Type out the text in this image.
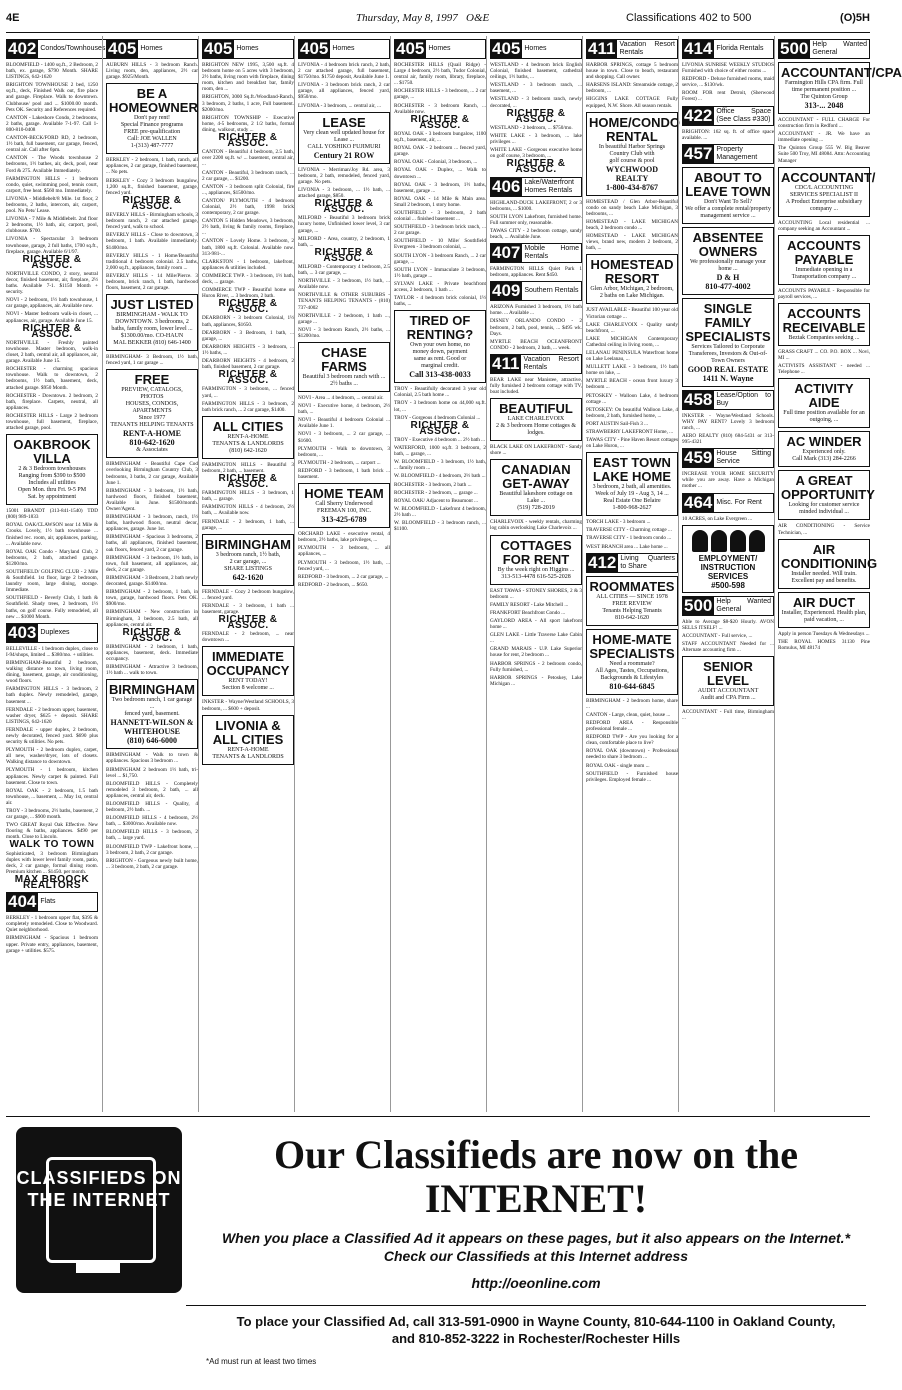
4E	Thursday, May 8, 1997 O&E	Classifications 402 to 500	(O)5H
402 Condos/Townhouses

BLOOMFIELD - 1400 sq.ft., 2 Bedroom, 2 bath, ex. garage, $790 Month. SHARE LISTINGS, 642-1620

BRIGHTON TOWNHOUSE 2 bed, 1250 sq.ft., deck, Finished Walk out, fire place and garage. Fireplace. Walk to downtown. Clubhouse/ pool and ... $1000.00 month. Pets OK. Security and References required.

CANTON - Lakeshore Condo, 2 bedrooms, 2 baths, garage. Available 7-1-97. Call 1-800-810-0408

CANTON-BECK/FORD RD, 2 bedroom, 1½ bath, full basement, car garage, fenced, central air. Call after 6pm.

CANTON - The Woods townhouse 2 bedrooms, 1½ bathes, air, deck, pool, near Ford & 275. Available Immediately.

FARMINGTON HILLS - 1 bedroom condo, quiet, swimming pool, tennis court, carport, free heat. $560 mo. Immediately.

LIVONIA - Middlebelt/8 Mile. 1st floor, 2 bedrooms, 2 baths, intercom, air, carport, pool. No Pets/ Lease.

LIVONIA - 7 Mile & Middlebelt. 2nd floor 2 bedrooms, 1½ bath, air, carport, pool, clubhouse. $700.

LIVONIA - Spectacular 3 bedroom townhouse, garage, 2 full baths, 1700 sq.ft., fireplace, garage. Available 6/1/97.

RICHTER & ASSOC.

NORTHVILLE CONDO, 2 story, neutral decor, finished basement, air, fireplace, 2½ baths. Available 7-1. $1150 Month + security.

NOVI - 2 bedroom, 1½ bath townhouse, 1 car garage, appliances, air. Available now.

NOVI - Master bedroom walk-in closet, ... appliances, air, garage. Available June 15.

RICHTER & ASSOC.

NORTHVILLE - Freshly painted townhouse. Master bedroom, walk-in closet, 2 bath, central air, all appliances, air, garage. Available June 15.

ROCHESTER - charming spacious townhouse. Walk to downtown, 2 bedrooms, 1½ bath, basement, deck, attached garage. $950 Month.

ROCHESTER - Downtown. 2 bedroom, 2 bath, fireplace. Carpets, neutral, all appliances.

ROCHESTER HILLS - Large 2 bedroom townhouse, full basement, fireplace, attached garage, pool.

OAKBROOK VILLA
2 & 3 Bedroom townhouses
Ranging from $390 to $500
Includes all utilities
Open Mon. thru Fri. 9-5 PM
Sat. by appointment

15001 BRANDT (313-841-1540) TDD (800) 989-1833

ROYAL OAK/CLAWSON near 14 Mile & Crooks. Lovely, 1½ bath townhouse ... finished rec. room, air, appliances, parking, ... Available now.

ROYAL OAK Condo - Maryland Club, 2 bedrooms, 2 bath, attached garage. $1200/mo.

SOUTHFIELD/ GOLFING CLUB - 2 Mile & Southfield. 1st floor, large 2 bedroom, laundry room, large dining, storage. Immediate.

SOUTHFIELD - Beverly Club, 1 bath & Southfield. Shady trees, 2 bedroom, 1½ baths, on golf course. Fully remodeled, all new ... $1000 Month.

403 Duplexes

BELLEVILLE - 1 bedroom duplex, close to I-94/shops, limited ... $380/mo. + utilities.

BIRMINGHAM-Beautiful 2 bedroom, walking distance to town, living room, dining, basement, garage, air conditioning, wood floors.

FARMINGTON HILLS - 3 bedroom, 2 bath duplex. Newly remodeled, garage, basement ...

FERNDALE - 2 bedroom upper, basement, washer dryer, $625 + deposit. SHARE LISTINGS, 642-1620

FERNDALE - upper duplex, 2 bedroom, newly decorated, fenced yard. $690 plus security & utilities. No pets.

PLYMOUTH - 2 bedroom duplex, carpet, all new, washer/dryer, lots of closets. Walking distance to downtown.

PLYMOUTH - 1 bedroom, kitchen appliances. Newly carpet & painted. Full basement. Close to town.

ROYAL OAK - 2 bedroom, 1.5 bath townhouse, ... basement, ... May 1st, central air.

TROY - 3 bedrooms, 2½ baths, basement, 2 car garage, ... $900 month.

TWO GREAT Royal Oak Effective. New flooring & baths, appliances. $490 per month. Close to Lincoln.

WALK TO TOWN

Sophisticated, 3 bedroom Birmingham duplex with lower level family room, patio, deck, 2 car garage, formal dining room. Premium kitchen ... $1450. per month.

MAX BROOCK REALTORS
404 Flats

BERKLEY - 1 bedroom upper flat, $395 & completely remodeled. Close to Woodward. Quiet neighborhood.

BIRMINGHAM - Spacious 1 bedroom upper. Private entry, appliances, basement, garage + utilities. $575.

405 Homes

AUBURN HILLS - 3 bedroom Ranch. Living room, den, appliances, 2½ car garage. $925/Month.

BE A HOMEOWNER
Don't pay rent!
Special Finance programs
FREE pre-qualification
Call: JOE WALLEN
1-(313) 487-7777

BERKLEY - 2 bedroom, 1 bath, ranch, all appliances, 2 car garage, finished basement, ... No pets.

BERKLEY - Cozy 3 bedroom bungalow, 1,200 sq.ft., finished basement, garage, fenced yard.

RICHTER & ASSOC.

BEVERLY HILLS - Birmingham schools, 3 bedroom ranch, 2 car attached garage, fenced yard, walk to school.

BEVERLY HILLS - Close to downtown, 3 bedroom, 1 bath. Available immediately. $1400/mo.

BEVERLY HILLS - 1 Home/Beautiful traditional 4 bedroom colonial. 2.5 baths, 2,000 sq.ft., appliances, family room ...

BEVERLY HILLS - 14 Mile/Pierce. 3 bedroom, brick ranch, 1 bath, hardwood floors, basement, 2 car garage.

JUST LISTED
BIRMINGHAM - WALK TO DOWNTOWN. 3 bedrooms, 2 baths, family room, lower level ...
$1300.00/mo. CO-HAUN
MAL BEKKER (810) 646-1400

BIRMINGHAM- 3 Bedroom, 1½ bath, fenced yard, 1 car garage ...

FREE
PREVIEW, CATALOGS, PHOTOS
HOUSES, CONDOS, APARTMENTS
Since 1977
TENANTS HELPING TENANTS
RENT-A-HOME
810-642-1620
& Associates

BIRMINGHAM - Beautiful Cape Cod overlooking Birmingham Country Club, 3 bedrooms, 3 baths, 2 car garage, Available June 1.

BIRMINGHAM - 3 bedroom, 1½ bath, hardwood floors, finished basement, Available in June. $1500/month. Owner/Agent.

BIRMINGHAM - 3 bedroom, ranch, 1½ baths, hardwood floors, neutral decor, appliances, garage. June 1st.

BIRMINGHAM - Spacious 3 bedrooms, 2 baths, all appliances, finished basement, oak floors, fenced yard, 2 car garage.

BIRMINGHAM - 3 bedroom, 1½ bath, in town, full basement, all appliances, air, deck, 2 car garage.

BIRMINGHAM - 3 Bedroom, 2 bath newly decorated, garage. $1400/mo.

BIRMINGHAM - 2 bedroom, 1 bath, in town, garage, hardwood floors. Pets OK. $900/mo.

BIRMINGHAM - New construction in Birmingham, 3 bedroom, 2.5 bath, all appliances, central air.

RICHTER & ASSOC.

BIRMINGHAM - 2 bedroom, 1 bath, appliances, basement, deck. Immediate occupancy.

BIRMINGHAM - Attractive 3 bedroom, 1½ bath ... walk to town.

BIRMINGHAM
Two bedroom ranch, 1 car garage ...
fenced yard, basement.
HANNETT-WILSON & WHITEHOUSE
(810) 646-6000

BIRMINGHAM - Walk to town & appliances. Spacious 3 bedroom ...

BIRMINGHAM 2 bedroom 1½ bath, tri-level ... $1,750.

BLOOMFIELD HILLS - Completely remodeled 3 bedroom, 2 bath, ... all appliances, central air, deck.

BLOOMFIELD HILLS - Quality, 4 bedroom, 2½ bath. ...

BLOOMFIELD HILLS - 4 bedroom, 2½ bath, ... $3000/mo. Available now.

BLOOMFIELD HILLS - 3 bedroom, 2 bath, ... large yard.

BLOOMFIELD TWP - Lakefront home, ... 3 bedroom, 2 bath, 2 car garage.

BRIGHTON - Gorgeous newly built home, ... 3 bedroom, 2 bath, 2 car garage.

405 Homes

BRIGHTON NEW 1995, 3,500 sq.ft. 4 bedroom home on 5 acres with 3 bedroom, 2½ baths, living room with fireplace, dining room, kitchen and breakfast bar, family room, den ...

BRIGHTON, 3000 Sq.ft./Woodland-Ranch, 3 bedroom, 2 baths, 1 acre, Full basement. $2000/mo.

BRIGHTON TOWNSHIP - Executive home, 4-5 bedrooms, 2 1/2 baths, formal dining, walkout, study ...

RICHTER & ASSOC.

CANTON - Beautiful 4 bedroom, 2.5 bath, over 2200 sq.ft. w/ ... basement, central air, ...

CANTON - Beautiful, 3 bedroom ranch, ... 2 car garage, ... $1200.

CANTON - 3 bedroom split Colonial, fire ..., appliances, $1500/mo.

CANTON/ PLYMOUTH - 4 bedroom Colonial, 2½ bath, 1998 brick contemporary, 2 car garage.

CANTON 5 Hidden Meadows, 3 bedroom, 2½ bath, living & family rooms, fireplace, ...

CANTON - Lovely Home. 3 bedroom, 2 bath, 1800 sq.ft. Colonial. Available now. 313-981-...

CLARKSTON - 1 bedroom, lakefront, appliances & utilities included.

COMMERCE TWP. - 3 bedroom, 1½ bath, deck, ... garage.

COMMERCE TWP - Beautiful home on Huron River, ... 3 bedroom, 2 bath.

RICHTER & ASSOC.

DEARBORN - 3 bedroom Colonial, 1½ bath, appliances, $1650.

DEARBORN - 3 Bedroom, 1 bath, ... garage, ...

DEARBORN HEIGHTS - 3 bedroom, ... 1½ baths, ...

DEARBORN HEIGHTS - 4 bedroom, 2 bath, finished basement, 2 car garage.

RICHTER & ASSOC.

FARMINGTON - 3 bedroom, ... fenced yard, ...

FARMINGTON HILLS - 3 bedroom, 2 bath brick ranch, ... 2 car garage, $1400.

ALL CITIES
RENT-A-HOME
TENANTS & LANDLORDS
(810) 642-1620

FARMINGTON HILLS - Beautiful 3 bedroom, 2 bath, ... basement.

RICHTER & ASSOC.

FARMINGTON HILLS - 3 bedroom, 1 bath, ... garage.

FARMINGTON HILLS - 4 bedroom, 2½ bath, ... Available now.

FERNDALE - 2 bedroom, 1 bath, ... garage, ...

BIRMINGHAM
3 bedroom ranch, 1½ bath,
2 car garage, ...
SHARE LISTINGS
642-1620

FERNDALE - Cozy 2 bedroom bungalow, ... fenced yard.

FERNDALE - 3 bedroom, 1 bath ... basement, garage.

RICHTER & ASSOC.

FERNDALE - 2 bedroom, ... near downtown ...

IMMEDIATE OCCUPANCY
RENT TODAY!
Section 8 welcome ...

INKSTER - Wayne/Westland SCHOOLS, 3 bedroom, ... $600 + deposit.

LIVONIA & ALL CITIES
RENT-A-HOME
TENANTS & LANDLORDS
405 Homes

LIVONIA - 4 bedroom brick ranch, 2 bath, 2 car attached garage, full basement, $1750/mo. $1750 deposit, Available June 1.

LIVONIA - 3 bedroom brick ranch, 2 car garage, all appliances, fenced yard, $950/mo.

LIVONIA - 3 bedroom, ... central air, ...

LEASE
Very clean well updated house for Lease ...
CALL YOSHIKO FUJIMURI
Century 21 ROW

LIVONIA - Merriman/Joy Rd. area, 3 bedroom, 2 bath, remodeled, fenced yard, garage. No pets.

LIVONIA - 3 bedroom, ... 1½ bath, ... attached garage, $850.

RICHTER & ASSOC.

MILFORD - Beautiful 3 bedroom brick luxury home, Unfinished lower level, 3 car garage, ...

MILFORD - Area, country, 2 bedroom, 1 bath, ...

RICHTER & ASSOC.

MILFORD - Contemporary 4 bedroom, 2.5 bath, ... 3 car garage, ...

NORTHVILLE - 3 bedroom, 1½ bath, ... Available now.

NORTHVILLE & OTHER SUBURBS - TENANTS HELPING TENANTS - (810) 737-4002

NORTHVILLE - 2 bedroom, 1 bath ..., garage ...

NOVI - 3 bedroom Ranch, 2½ baths, ... $1200/mo.

CHASE FARMS
Beautiful 3 bedroom ranch with ...
2½ baths ...

NOVI - Area ... 4 bedroom, ... central air.

NOVI - Executive home, 4 bedroom, 2½ bath, ...

NOVI - Beautiful 4 bedroom Colonial ... Available June 1.

NOVI - 3 bedroom, ... 2 car garage, ... $1600.

PLYMOUTH - Walk to downtown, 3 bedroom, ...

PLYMOUTH - 2 bedroom, ... carport ...

REDFORD - 3 bedroom, 1 bath brick ... basement.

HOME TEAM
Call Sherry Underwood
FREEMAN 100, INC.
313-425-6789

ORCHARD LAKE - executive rental, 4 bedroom, 2½ baths, lake privileges, ...

PLYMOUTH - 3 bedroom, ... all appliances, ...

PLYMOUTH - 3 bedroom, 1½ bath, ... fenced yard, ...

REDFORD - 3 bedroom, ... 2 car garage, ...

REDFORD - 2 bedroom, ... $650.

405 Homes

ROCHESTER HILLS (Quail Ridge) - Large 4 bedroom, 2½ bath, Tudor Colonial, central air, family room, library, fireplace, ... $1750.

ROCHESTER HILLS - 3 bedroom, ... 2 car garage, ...

ROCHESTER - 3 bedroom Ranch, ... Available now.

RICHTER & ASSOC.

ROYAL OAK - 3 bedroom bungalow, 1100 sq.ft., basement, air, ...

ROYAL OAK - 2 bedroom ... fenced yard, garage.

ROYAL OAK - Colonial, 3 bedroom, ...

ROYAL OAK - Duplex, ... Walk to downtown ...

ROYAL OAK - 3 bedroom, 1½ baths, basement, garage ...

ROYAL OAK - 14 Mile & Main area. Small 2 bedroom, 1 story home.

SOUTHFIELD - 3 bedroom, 2 bath colonial ... finished basement ...

SOUTHFIELD - 3 bedroom brick ranch, ... 2 car garage.

SOUTHFIELD - 10 Mile/ Southfield Evergreen - 3 bedroom colonial, ...

SOUTH LYON - 3 bedroom Ranch, ... 2 car garage, ...

SOUTH LYON - Immaculate 3 bedroom, 1½ bath, garage ...

SYLVAN LAKE - Private beachfront access, 2 bedroom, 1 bath ...

TAYLOR - 4 bedroom brick colonial, 1½ baths, ...

TIRED OF RENTING?
Own your own home, no
money down, payment
same as rent. Good or
marginal credit.
Call 313-438-0033

TROY - Beautifully decorated 3 year old Colonial, 2.5 bath home ...

TROY - 3 bedroom home on 44,000 sq.ft. lot, ...

TROY - Gorgeous 4 bedroom Colonial ...

RICHTER & ASSOC.

TROY - Executive 4 bedroom ... 2½ bath ...

WATERFORD, 1000 sq.ft. 3 bedroom, 2 bath, ... garage, ...

W. BLOOMFIELD - 3 bedroom, 1½ bath, ... family room ...

W. BLOOMFIELD - 4 bedroom, 2½ bath ...

ROCHESTER - 3 bedroom, 2 bath ...

ROCHESTER - 2 bedroom, ... garage ...

ROYAL OAK/ Adjacent to Beaumont ...

W. BLOOMFIELD - Lakefront 4 bedroom, 2½ bath ...

W. BLOOMFIELD - 3 bedroom ranch, ... $1100.

405 Homes

WESTLAND - 4 bedroom brick English Colonial, finished basement, cathedral ceilings, 1½ baths, ...

WESTLAND - 3 bedroom ranch, ... basement, ...

WESTLAND - 3 bedroom ranch, newly decorated, ...

RICHTER & ASSOC.

WESTLAND - 2 bedroom, ... $750/mo.

WHITE LAKE - 3 bedroom, ... lake privileges ...

WHITE LAKE - Gorgeous executive home on golf course, 3 bedroom, ...

RICHTER & ASSOC.
406 Lake/Waterfront Homes Rentals

HIGHLAND-DUCK LAKEFRONT, 2 or 3 bedrooms, ... $1000.

SOUTH LYON Lakefront, furnished home. Full summer only, reasonable.

TAWAS CITY - 2 bedroom cottage, sandy beach, ... Available June.

407 Mobile Home Rentals

FARMINGTON HILLS Quiet Park 1 bedroom, appliances. Rent $450.

409 Southern Rentals

ARIZONA Furnished 3 bedroom, 1½ bath home. ... Available ...

DISNEY ORLANDO CONDO - 2 bedroom, 2 bath, pool, tennis, ... $495 wk. Days.

MYRTLE BEACH OCEANFRONT CONDO - 2 bedroom, 2 bath, ... week.

411 Vacation Resort Rentals

BEAR LAKE near Manistee, attractive, fully furnished 2 bedroom cottage with TV, boat included.

BEAUTIFUL
LAKE CHARLEVOIX
2 & 3 bedroom Home cottages & lodges.

BLACK LAKE ON LAKEFRONT - Sandy shore ...

CANADIAN GET-AWAY
Beautiful lakeshore cottage on Lake ...
(519) 728-2019

CHARLEVOIX - weekly rentals, charming log cabin overlooking Lake Charlevoix ...

COTTAGES FOR RENT
By the week right on Higgins ...
313-513-4478 616-525-2028

EAST TAWAS - STONEY SHORES, 2 & 3 bedroom ...

FAMILY RESORT - Lake Mitchell ...

FRANKFORT Beachfront Condo ...

GAYLORD AREA - All sport lakefront home ...

GLEN LAKE - Little Traverse Lake Cabin ...

GRAND MARAIS - U.P. Lake Superior house for rent, 2 bedroom ...

HARBOR SPRINGS - 2 bedroom condo, Fully furnished, ...

HARBOR SPRINGS - Petoskey, Lake Michigan ...

411 Vacation Resort Rentals

HARBOR SPRINGS, cottage 5 bedroom house in town. Close to beach, restaurant and shopping. Call owner.

HARSENS ISLAND: Streamside cottage, 2 bedroom, ...

HIGGINS LAKE COTTAGE Fully equipped, N.W. Shore. All season rentals.

HOME/CONDO RENTAL
In beautiful Harbor Springs
Country Club with
golf course & pool
WYCHWOOD REALTY
1-800-434-8767

HOMESTEAD / Glen Arbor-Beautiful condo on sandy beach Lake Michigan, 3 bedrooms, ...

HOMESTEAD - LAKE MICHIGAN beach, 2 bedroom condo ...

HOMESTEAD - LAKE MICHIGAN views, brand new, modern 2 bedroom, 2 bath, ...

HOMESTEAD RESORT
Glen Arbor, Michigan, 2 bedroom,
2 baths on Lake Michigan.

JUST AVAILABLE - Beautiful 100 year old Victorian cottage ...

LAKE CHARLEVOIX - Quality sandy beachfront, ...

LAKE MICHIGAN Contemporary Cathedral ceiling in living room, ...

LELANAU PENINSULA Waterfront home on Lake Leelanau, ...

MULLETT LAKE - 3 bedroom, 1½ bath home on lake, ...

MYRTLE BEACH - ocean front luxury 3 bedroom ...

PETOSKEY - Walloon Lake, 4 bedroom cottage ...

PETOSKEY: On beautiful Walloon Lake, 4 bedroom, 2 bath, furnished home, ...

PORT AUSTIN Sail-Fish 3 ...

STRAWBERRY LAKEFRONT Home, ...

TAWAS CITY - Pine Haven Resort cottages on Lake Huron, ...

EAST TOWN LAKE HOME
3 bedroom, 2 bath, all amenities.
Week of July 19 - Aug 3, 14 ...
Real Estate One Belaire
1-800-968-2627

TORCH LAKE - 3 bedroom ...

TRAVERSE CITY - Charming cottage ...

TRAVERSE CITY - 1 bedroom condo ...

WEST BRANCH area ... Lake home ...

412 Living Quarters to Share
ROOMMATES
ALL CITIES — SINCE 1978
FREE REVIEW
Tenants Helping Tenants
810-642-1620
HOME-MATE SPECIALISTS
Need a roommate?
All Ages, Tastes, Occupations,
Backgrounds & Lifestyles
810-644-6845

BIRMINGHAM - 2 bedroom home, share ...

CANTON - Large, clean, quiet, house ...

REDFORD AREA - Responsible professional female ...

REDFORD TWP - Are you looking for a clean, comfortable place to live?

ROYAL OAK (downtown) - Professional needed to share 3 bedroom ...

ROYAL OAK - single mom ...

SOUTHFIELD - Furnished house privileges. Employed female ...

414 Florida Rentals

LIVONIA SUNRISE WEEKLY STUDIOS Furnished with choice of either rooms ...

REDFORD - Deluxe furnished rooms, maid service, ... $130/wk.

ROOM FOR rent Detroit, (Sherwood Forest) ...

422 Office Space (See Class #330)

BRIGHTON: 162 sq. ft. of office space available. ...

457 Property Management
ABOUT TO LEAVE TOWN
Don't Want To Sell?
We offer a complete rental/property management service ...
ABSENTEE OWNERS
We professionally manage your home ...
D & H
810-477-4002
SINGLE FAMILY SPECIALISTS
Services Tailored to Corporate
Transferees, Investors & Out-of-Town Owners
GOOD REAL ESTATE
1411 N. Wayne
458 Lease/Option to Buy

INKSTER - Wayne/Westland Schools. WHY PAY RENT? Lovely 3 bedroom ranch, ...

AERO REALTY (810) 684-5431 or 313-995-4321

459 House Sitting Service

INCREASE YOUR HOME SECURITY while you are away. Have a Michigan mother ...

464 Misc. For Rent

10 ACRES, on Lake Evergreen ...

EMPLOYMENT/ INSTRUCTION SERVICES
#500-598
500 Help Wanted General

Able to Average $8-$20 Hourly. AVON SELLS ITSELF! ...

ACCOUNTANT - Full service, ...

STAFF ACCOUNTANT Needed for ... Alternate accounting firm ...

SENIOR LEVEL
AUDIT ACCOUNTANT
Audit and CPA Firm ...

ACCOUNTANT - Full time, Birmingham ...

500 Help Wanted General
ACCOUNTANT/CPA
Farmington Hills CPA firm. Full time permanent position ...
The Quinton Group
313-... 2048

ACCOUNTANT - FULL CHARGE For construction firm in Redford ...

ACCOUNTANT - JR. We have an immediate opening ...

The Quinton Group 555 W. Big Beaver Suite 500 Troy, MI 48084. Attn: Accounting Manager

ACCOUNTANT/
CDC/L ACCOUNTING SERVICES SPECIALIST II
A Product Enterprise subsidiary company ...

ACCOUNTING Local residential ... company seeking an Accountant ...

ACCOUNTS PAYABLE
Immediate opening in a Transportation company ...

ACCOUNTS PAYABLE - Responsible for payroll services, ...

ACCOUNTS RECEIVABLE
Beztak Companies seeking ...

GRASS CRAFT ... CO. P.O. BOX ... Novi, MI ...

ACTIVISTS ASSISTANT - needed ... Telephone ...

ACTIVITY AIDE
Full time position available for an outgoing, ...
AC WINDER
Experienced only.
Call Mark (313) 284-2266
A GREAT OPPORTUNITY
Looking for customer service minded individual ...

AIR CONDITIONING - Service Technician, ...

AIR CONDITIONING
Installer needed. Will train.
Excellent pay and benefits.
AIR DUCT
Installer, Experienced. Health plan, paid vacation, ...

Apply in person Tuesdays & Wednesdays ...

THE ROYAL HOMES 31130 Pine Romulus, MI 48174

CLASSIFIEDS ON THE INTERNET
Our Classifieds are now on the INTERNET!
When you place a Classified Ad it appears on these pages, but it also appears on the Internet.* Check our Classifieds at this Internet address
http://oeonline.com
To place your Classified Ad, call 313-591-0900 in Wayne County, 810-644-1100 in Oakland County,
and 810-852-3222 in Rochester/Rochester Hills
*Ad must run at least two times
